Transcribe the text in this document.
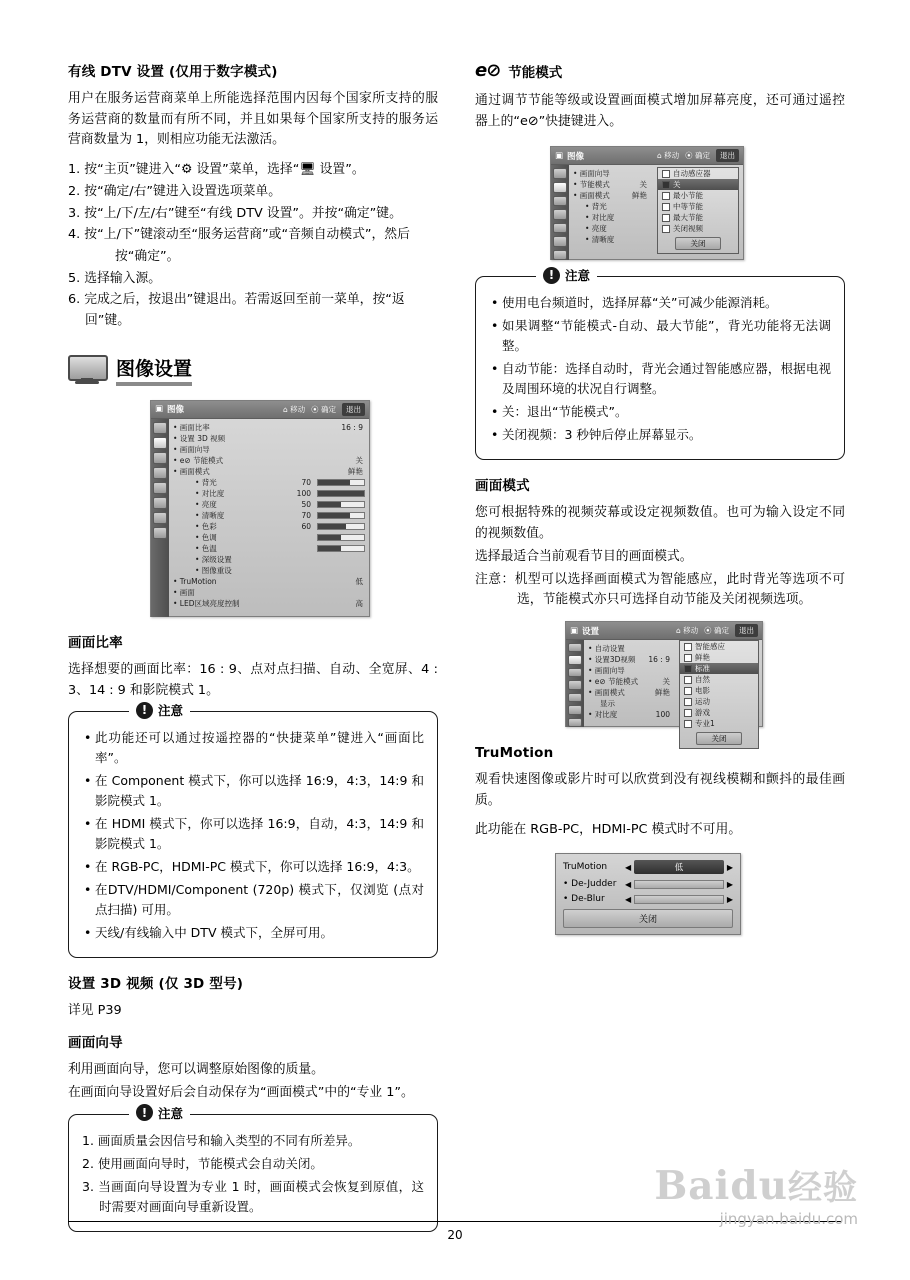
有线 DTV 设置 (仅用于数字模式)

用户在服务运营商菜单上所能选择范围内因每个国家所支持的服务运营商的数量而有所不同，并且如果每个国家所支持的服务运营商数量为 1，则相应功能无法激活。

1. 按“主页”键进入“⚙ 设置”菜单，选择“🖥 设置”。
2. 按“确定/右”键进入设置选项菜单。
3. 按“上/下/左/右”键至“有线 DTV 设置”。并按“确定”键。
4. 按“上/下”键滚动至“服务运营商”或“音频自动模式”，然后
按“确定”。
5. 选择输入源。
6. 完成之后，按退出”键退出。若需返回至前一菜单，按“返回”键。
图像设置
▣ 图像	⌂ 移动 ⦿ 确定	退出
• 画面比率	16 : 9
• 设置 3D 视频
• 画面向导
• e⊘ 节能模式	关
• 画面模式	鲜艳
• 背光	70
• 对比度	100
• 亮度	50
• 清晰度	70
• 色彩	60
• 色调
• 色温
• 深级设置
• 图像重设
• TruMotion	低
• 画面
• LED区域亮度控制	高
画面比率

选择想要的画面比率：16 : 9、点对点扫描、自动、全宽屏、4 : 3、14 : 9 和影院模式 1。

! 注意
• 此功能还可以通过按遥控器的“快捷菜单”键进入“画面比率”。
• 在 Component 模式下，你可以选择 16:9，4:3，14:9 和影院模式 1。
• 在 HDMI 模式下，你可以选择 16:9，自动，4:3，14:9 和影院模式 1。
• 在 RGB-PC，HDMI-PC 模式下，你可以选择 16:9，4:3。
• 在DTV/HDMI/Component (720p) 模式下，仅浏览 (点对点扫描) 可用。
• 天线/有线输入中 DTV 模式下，全屏可用。
设置 3D 视频 (仅 3D 型号)

详见 P39

画面向导

利用画面向导，您可以调整原始图像的质量。

在画面向导设置好后会自动保存为“画面模式”中的“专业 1”。

! 注意
1. 画面质量会因信号和输入类型的不同有所差异。
2. 使用画面向导时，节能模式会自动关闭。
3. 当画面向导设置为专业 1 时，画面模式会恢复到原值，这时需要对画面向导重新设置。
e⊘ 节能模式

通过调节节能等级或设置画面模式增加屏幕亮度，还可通过遥控器上的“e⊘”快捷键进入。

▣ 图像	⌂ 移动 ⦿ 确定	退出
• 画面向导
• 节能模式	关
• 画面模式	鲜艳
• 背光
• 对比度
• 亮度
• 清晰度
自动感应器
关
最小节能
中等节能
最大节能
关闭视频
关闭
! 注意
• 使用电台频道时，选择屏幕“关”可减少能源消耗。
• 如果调整“节能模式-自动、最大节能”，背光功能将无法调整。
• 自动节能：选择自动时，背光会通过智能感应器，根据电视及周围环境的状况自行调整。
• 关：退出“节能模式”。
• 关闭视频：3 秒钟后停止屏幕显示。
画面模式

您可根据特殊的视频荧幕或设定视频数值。也可为输入设定不同的视频数值。

选择最适合当前观看节目的画面模式。

注意：机型可以选择画面模式为智能感应，此时背光等选项不可选，节能模式亦只可选择自动节能及关闭视频选项。

▣ 设置	⌂ 移动 ⦿ 确定	退出
• 自动设置
• 设置3D视频 16 : 9
• 画面向导
• e⊘ 节能模式	关
• 画面模式	鲜艳
显示
• 对比度	100
智能感应
鲜艳
标准
自然
电影
运动
游戏
专业1
关闭
TruMotion

观看快速图像或影片时可以欣赏到没有视线模糊和颤抖的最佳画质。

此功能在 RGB-PC，HDMI-PC 模式时不可用。

TruMotion	◀	低	▶
• De-Judder	◀	▶
• De-Blur	◀	▶
关闭
20
Baidu经验
jingyan.baidu.com
